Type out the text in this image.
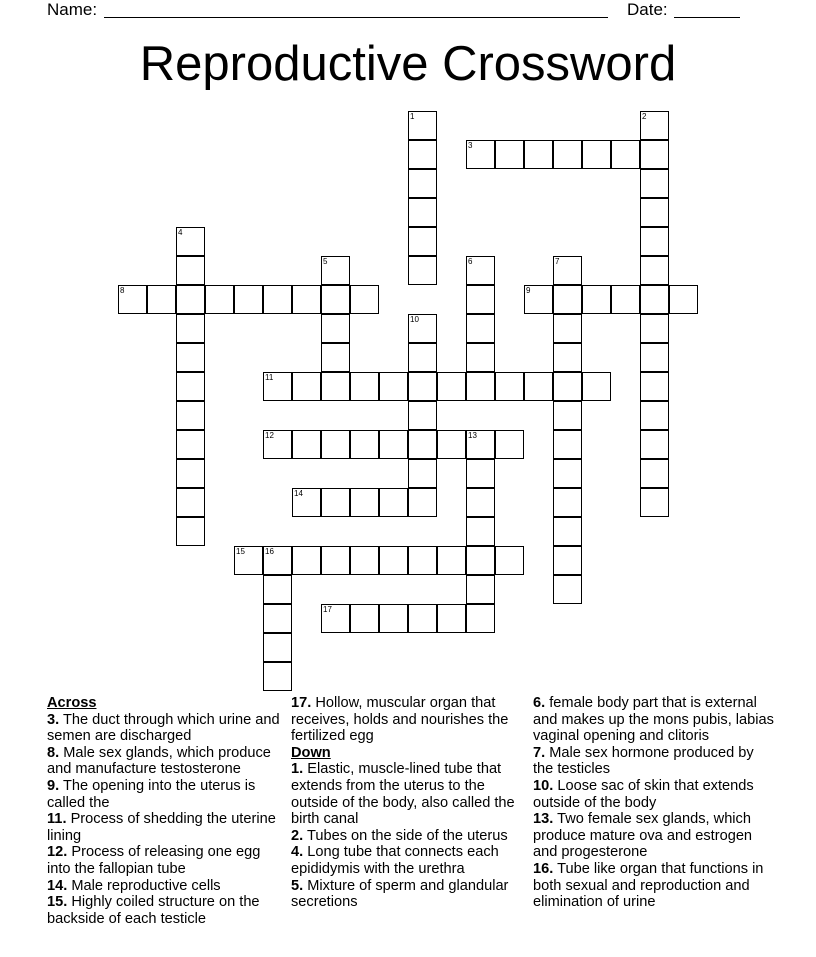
Name:	Date:
Reproductive Crossword
1	2
3
4
5	6	7
8	9
10
11
12	13
14
15	16
17
Across
3. The duct through which urine and semen are discharged
8. Male sex glands, which produce and manufacture testosterone
9. The opening into the uterus is called the
11. Process of shedding the uterine lining
12. Process of releasing one egg into the fallopian tube
14. Male reproductive cells
15. Highly coiled structure on the backside of each testicle
17. Hollow, muscular organ that receives, holds and nourishes the fertilized egg
Down
1. Elastic, muscle-lined tube that extends from the uterus to the outside of the body, also called the birth canal
2. Tubes on the side of the uterus
4. Long tube that connects each epididymis with the urethra
5. Mixture of sperm and glandular secretions
6. female body part that is external and makes up the mons pubis, labias vaginal opening and clitoris
7. Male sex hormone produced by the testicles
10. Loose sac of skin that extends outside of the body
13. Two female sex glands, which produce mature ova and estrogen and progesterone
16. Tube like organ that functions in both sexual and reproduction and elimination of urine
